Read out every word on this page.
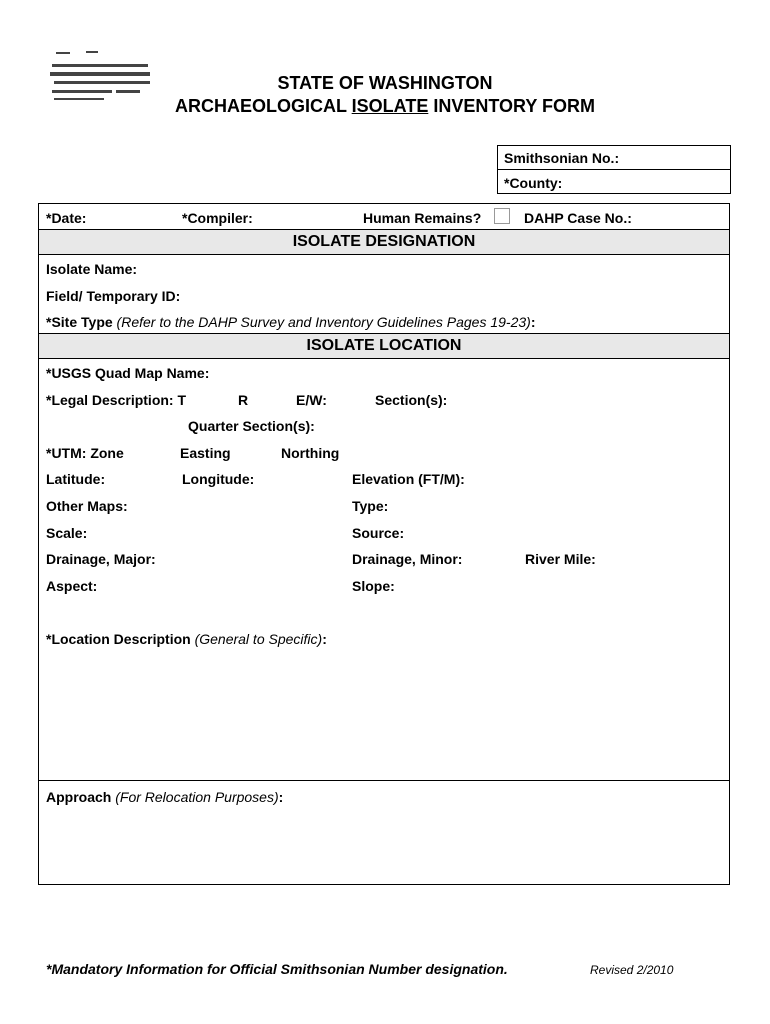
STATE OF WASHINGTON
ARCHAEOLOGICAL ISOLATE INVENTORY FORM
Smithsonian No.:
*County:
*Date:	*Compiler:	Human Remains?	DAHP Case No.:
ISOLATE DESIGNATION
Isolate Name:
Field/ Temporary ID:
*Site Type (Refer to the DAHP Survey and Inventory Guidelines Pages 19-23):
ISOLATE LOCATION
*USGS Quad Map Name:
*Legal Description: T	R	E/W:	Section(s):
Quarter Section(s):
*UTM: Zone	Easting	Northing
Latitude:	Longitude:	Elevation (FT/M):
Other Maps:	Type:
Scale:	Source:
Drainage, Major:	Drainage, Minor:	River Mile:
Aspect:	Slope:
*Location Description (General to Specific):
Approach (For Relocation Purposes):
*Mandatory Information for Official Smithsonian Number designation.	Revised 2/2010
